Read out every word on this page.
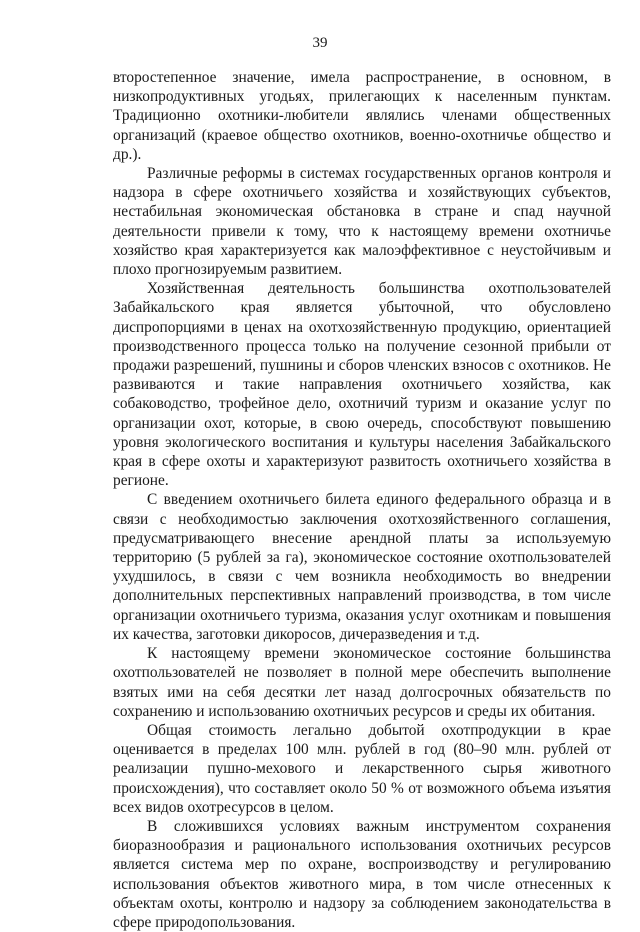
39

второстепенное значение, имела распространение, в основном, в низкопродуктивных угодьях, прилегающих к населенным пунктам. Традиционно охотники-любители являлись членами общественных организаций (краевое общество охотников, военно-охотничье общество и др.).

Различные реформы в системах государственных органов контроля и надзора в сфере охотничьего хозяйства и хозяйствующих субъектов, нестабильная экономическая обстановка в стране и спад научной деятельности привели к тому, что к настоящему времени охотничье хозяйство края характеризуется как малоэффективное с неустойчивым и плохо прогнозируемым развитием.

Хозяйственная деятельность большинства охотпользователей Забайкальского края является убыточной, что обусловлено диспропорциями в ценах на охотхозяйственную продукцию, ориентацией производственного процесса только на получение сезонной прибыли от продажи разрешений, пушнины и сборов членских взносов с охотников. Не развиваются и такие направления охотничьего хозяйства, как собаководство, трофейное дело, охотничий туризм и оказание услуг по организации охот, которые, в свою очередь, способствуют повышению уровня экологического воспитания и культуры населения Забайкальского края в сфере охоты и характеризуют развитость охотничьего хозяйства в регионе.

С введением охотничьего билета единого федерального образца и в связи с необходимостью заключения охотхозяйственного соглашения, предусматривающего внесение арендной платы за используемую территорию (5 рублей за га), экономическое состояние охотпользователей ухудшилось, в связи с чем возникла необходимость во внедрении дополнительных перспективных направлений производства, в том числе организации охотничьего туризма, оказания услуг охотникам и повышения их качества, заготовки дикоросов, дичеразведения и т.д.

К настоящему времени экономическое состояние большинства охотпользователей не позволяет в полной мере обеспечить выполнение взятых ими на себя десятки лет назад долгосрочных обязательств по сохранению и использованию охотничьих ресурсов и среды их обитания.

Общая стоимость легально добытой охотпродукции в крае оценивается в пределах 100 млн. рублей в год (80–90 млн. рублей от реализации пушно-мехового и лекарственного сырья животного происхождения), что составляет около 50 % от возможного объема изъятия всех видов охотресурсов в целом.

В сложившихся условиях важным инструментом сохранения биоразнообразия и рационального использования охотничьих ресурсов является система мер по охране, воспроизводству и регулированию использования объектов животного мира, в том числе отнесенных к объектам охоты, контролю и надзору за соблюдением законодательства в сфере природопользования.
